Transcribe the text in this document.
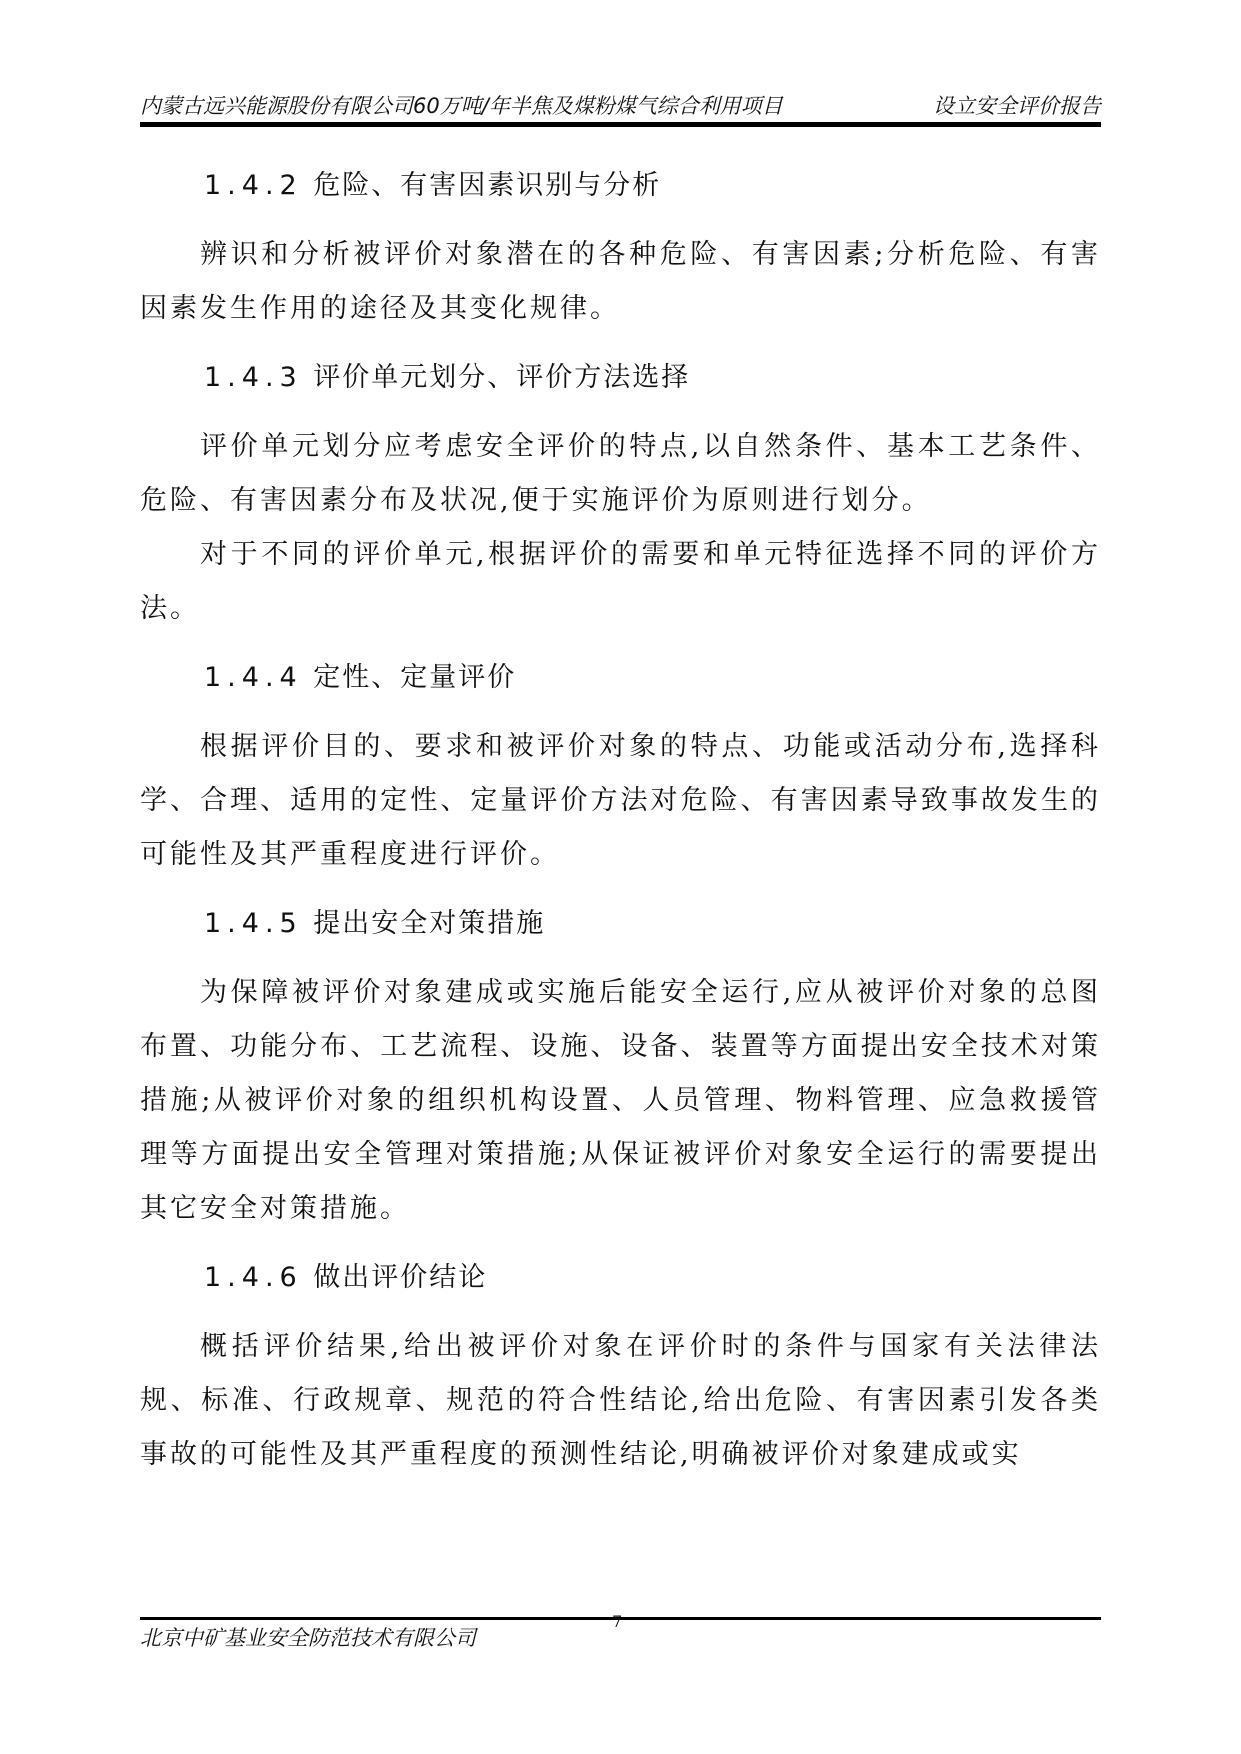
内蒙古远兴能源股份有限公司60万吨/年半焦及煤粉煤气综合利用项目	设立安全评价报告
1.4.2 危险、有害因素识别与分析

辨识和分析被评价对象潜在的各种危险、有害因素;分析危险、有害因素发生作用的途径及其变化规律。

1.4.3 评价单元划分、评价方法选择

评价单元划分应考虑安全评价的特点,以自然条件、基本工艺条件、危险、有害因素分布及状况,便于实施评价为原则进行划分。

对于不同的评价单元,根据评价的需要和单元特征选择不同的评价方法。

1.4.4 定性、定量评价

根据评价目的、要求和被评价对象的特点、功能或活动分布,选择科学、合理、适用的定性、定量评价方法对危险、有害因素导致事故发生的可能性及其严重程度进行评价。

1.4.5 提出安全对策措施

为保障被评价对象建成或实施后能安全运行,应从被评价对象的总图布置、功能分布、工艺流程、设施、设备、装置等方面提出安全技术对策措施;从被评价对象的组织机构设置、人员管理、物料管理、应急救援管理等方面提出安全管理对策措施;从保证被评价对象安全运行的需要提出其它安全对策措施。

1.4.6 做出评价结论

概括评价结果,给出被评价对象在评价时的条件与国家有关法律法规、标准、行政规章、规范的符合性结论,给出危险、有害因素引发各类事故的可能性及其严重程度的预测性结论,明确被评价对象建成或实

北京中矿基业安全防范技术有限公司
7
